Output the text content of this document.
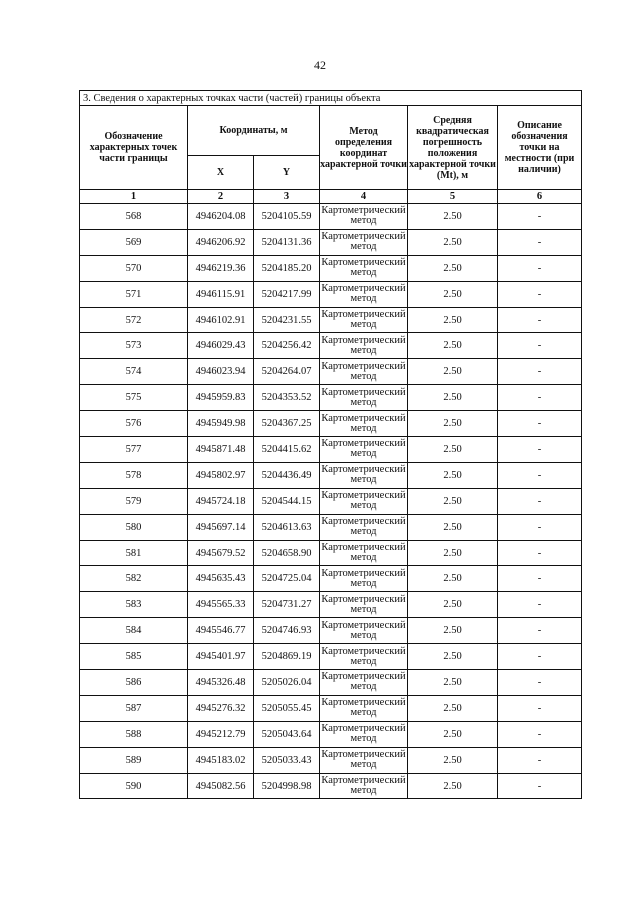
42
3. Сведения о характерных точках части (частей) границы объекта					
Обозначение характерных точек части границы	Координаты, м		Метод определения координат характерной точки	Средняя квадратическая погрешность положения характерной точки (Mt), м	Описание обозначения точки на местности (при наличии)
	X	Y			
1	2	3	4	5	6
568	4946204.08	5204105.59	Картометрический метод	2.50	-
569	4946206.92	5204131.36	Картометрический метод	2.50	-
570	4946219.36	5204185.20	Картометрический метод	2.50	-
571	4946115.91	5204217.99	Картометрический метод	2.50	-
572	4946102.91	5204231.55	Картометрический метод	2.50	-
573	4946029.43	5204256.42	Картометрический метод	2.50	-
574	4946023.94	5204264.07	Картометрический метод	2.50	-
575	4945959.83	5204353.52	Картометрический метод	2.50	-
576	4945949.98	5204367.25	Картометрический метод	2.50	-
577	4945871.48	5204415.62	Картометрический метод	2.50	-
578	4945802.97	5204436.49	Картометрический метод	2.50	-
579	4945724.18	5204544.15	Картометрический метод	2.50	-
580	4945697.14	5204613.63	Картометрический метод	2.50	-
581	4945679.52	5204658.90	Картометрический метод	2.50	-
582	4945635.43	5204725.04	Картометрический метод	2.50	-
583	4945565.33	5204731.27	Картометрический метод	2.50	-
584	4945546.77	5204746.93	Картометрический метод	2.50	-
585	4945401.97	5204869.19	Картометрический метод	2.50	-
586	4945326.48	5205026.04	Картометрический метод	2.50	-
587	4945276.32	5205055.45	Картометрический метод	2.50	-
588	4945212.79	5205043.64	Картометрический метод	2.50	-
589	4945183.02	5205033.43	Картометрический метод	2.50	-
590	4945082.56	5204998.98	Картометрический метод	2.50	-
